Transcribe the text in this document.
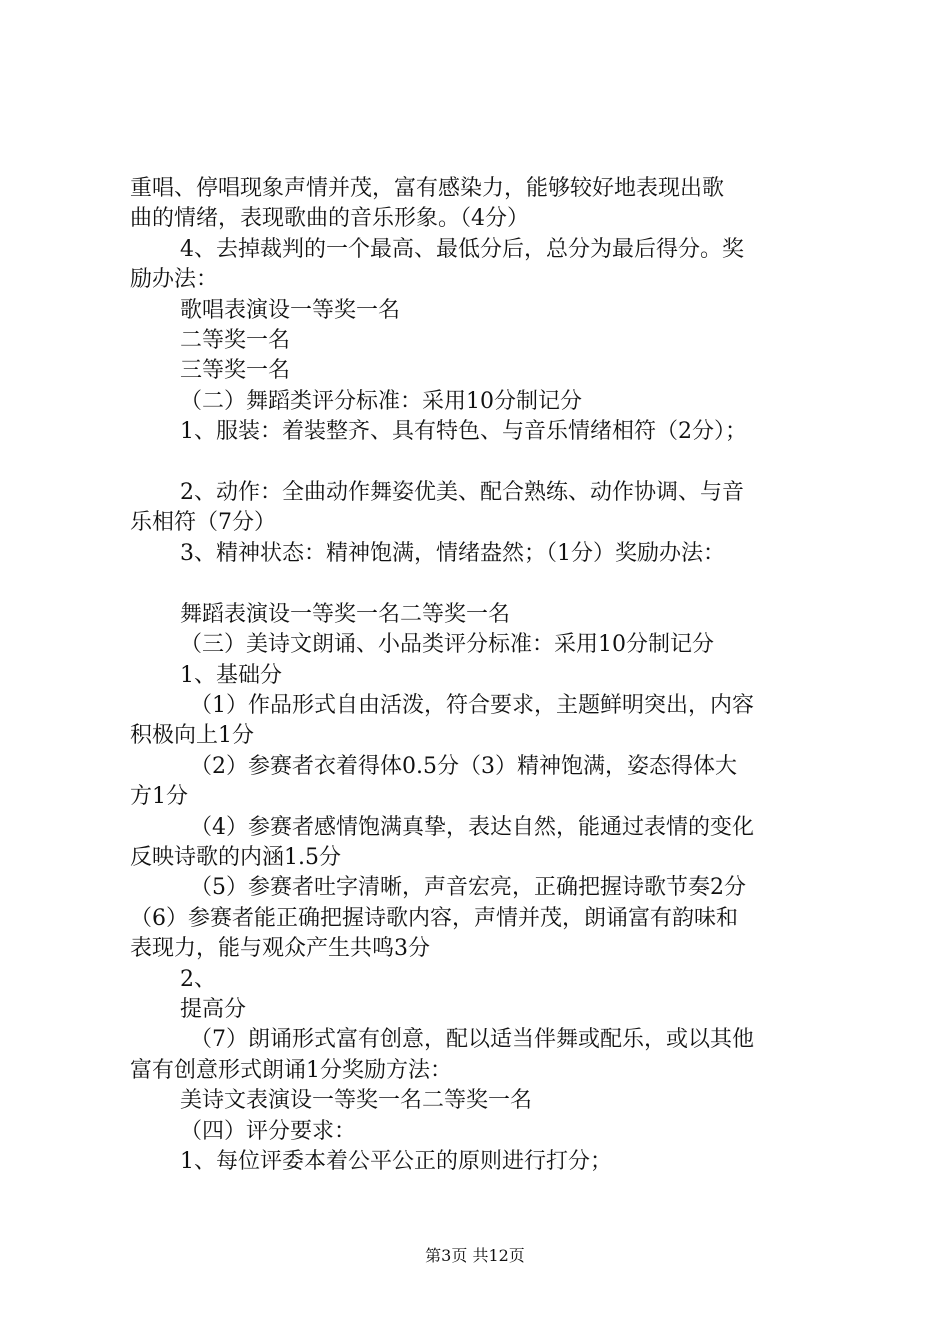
重唱、停唱现象声情并茂，富有感染力，能够较好地表现出歌

曲的情绪，表现歌曲的音乐形象。（4分）

4、去掉裁判的一个最高、最低分后，总分为最后得分。奖

励办法：

歌唱表演设一等奖一名

二等奖一名

三等奖一名

（二）舞蹈类评分标准：采用10分制记分

1、服装：着装整齐、具有特色、与音乐情绪相符（2分）；

2、动作：全曲动作舞姿优美、配合熟练、动作协调、与音

乐相符（7分）

3、精神状态：精神饱满，情绪盎然；（1分）奖励办法：

舞蹈表演设一等奖一名二等奖一名

（三）美诗文朗诵、小品类评分标准：采用10分制记分

1、基础分

（1）作品形式自由活泼，符合要求，主题鲜明突出，内容

积极向上1分

（2）参赛者衣着得体0.5分（3）精神饱满，姿态得体大

方1分

（4）参赛者感情饱满真挚，表达自然，能通过表情的变化

反映诗歌的内涵1.5分

（5）参赛者吐字清晰，声音宏亮，正确把握诗歌节奏2分

（6）参赛者能正确把握诗歌内容，声情并茂，朗诵富有韵味和

表现力，能与观众产生共鸣3分

2、

提高分

（7）朗诵形式富有创意，配以适当伴舞或配乐，或以其他

富有创意形式朗诵1分奖励方法：

美诗文表演设一等奖一名二等奖一名

（四）评分要求：

1、每位评委本着公平公正的原则进行打分；

第3页 共12页
